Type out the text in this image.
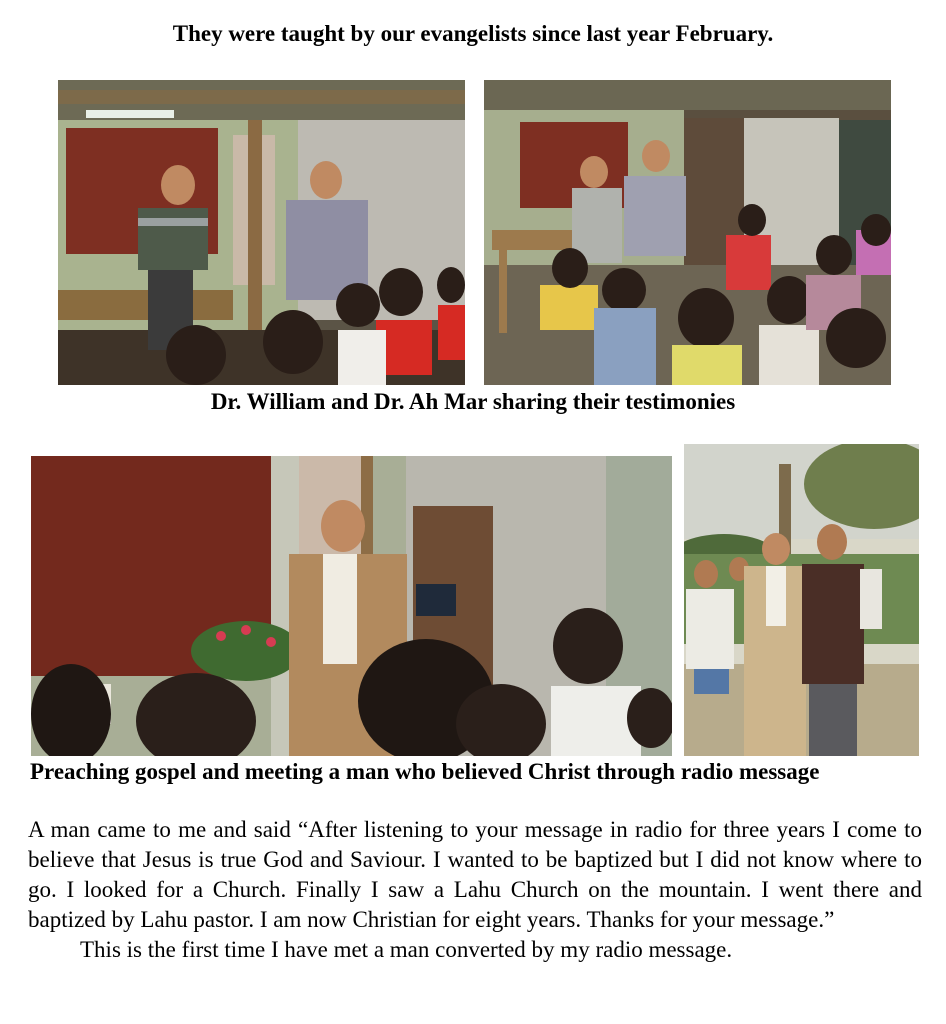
They were taught by our evangelists since last year February.
Dr. William and Dr. Ah Mar sharing their testimonies
Preaching gospel and meeting a man who believed Christ through radio message

A man came to me and said “After listening to your message in radio for three years I come to believe that Jesus is true God and Saviour. I wanted to be baptized but I did not know where to go. I looked for a Church. Finally I saw a Lahu Church on the mountain. I went there and baptized by Lahu pastor. I am now Christian for eight years. Thanks for your message.”

This is the first time I have met a man converted by my radio message.
